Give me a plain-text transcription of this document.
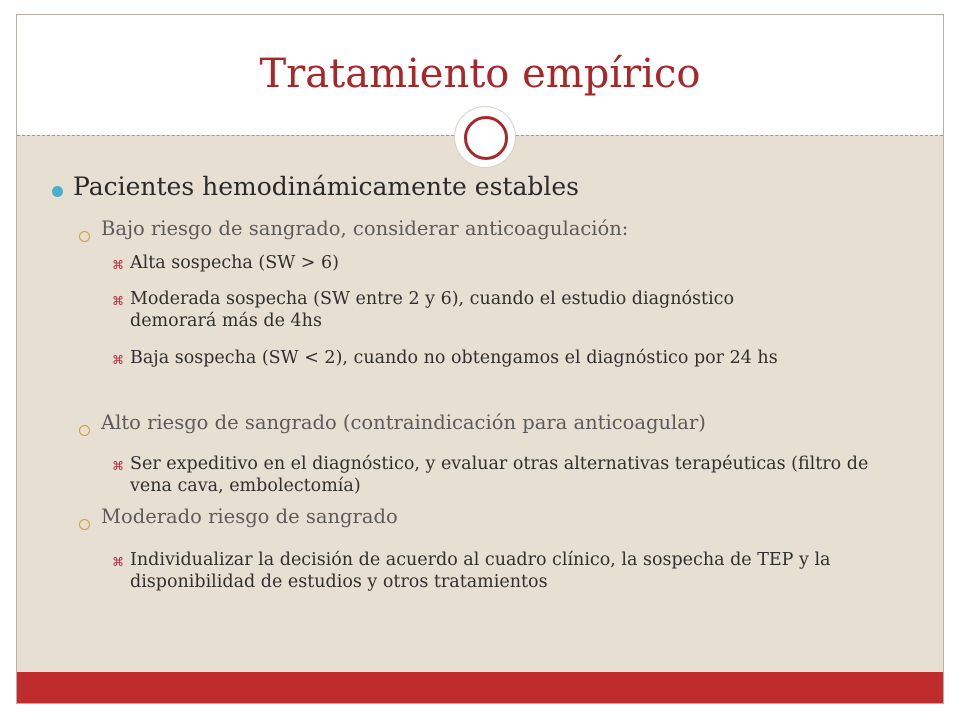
Tratamiento empírico
Pacientes hemodinámicamente estables
Bajo riesgo de sangrado, considerar anticoagulación:
⌘ Alta sospecha (SW > 6)
⌘ Moderada sospecha (SW entre 2 y 6), cuando el estudio diagnóstico demorará más de 4hs
⌘ Baja sospecha (SW < 2), cuando no obtengamos el diagnóstico por 24 hs
Alto riesgo de sangrado (contraindicación para anticoagular)
⌘ Ser expeditivo en el diagnóstico, y evaluar otras alternativas terapéuticas (filtro de vena cava, embolectomía)
Moderado riesgo de sangrado
⌘ Individualizar la decisión de acuerdo al cuadro clínico, la sospecha de TEP y la disponibilidad de estudios y otros tratamientos
